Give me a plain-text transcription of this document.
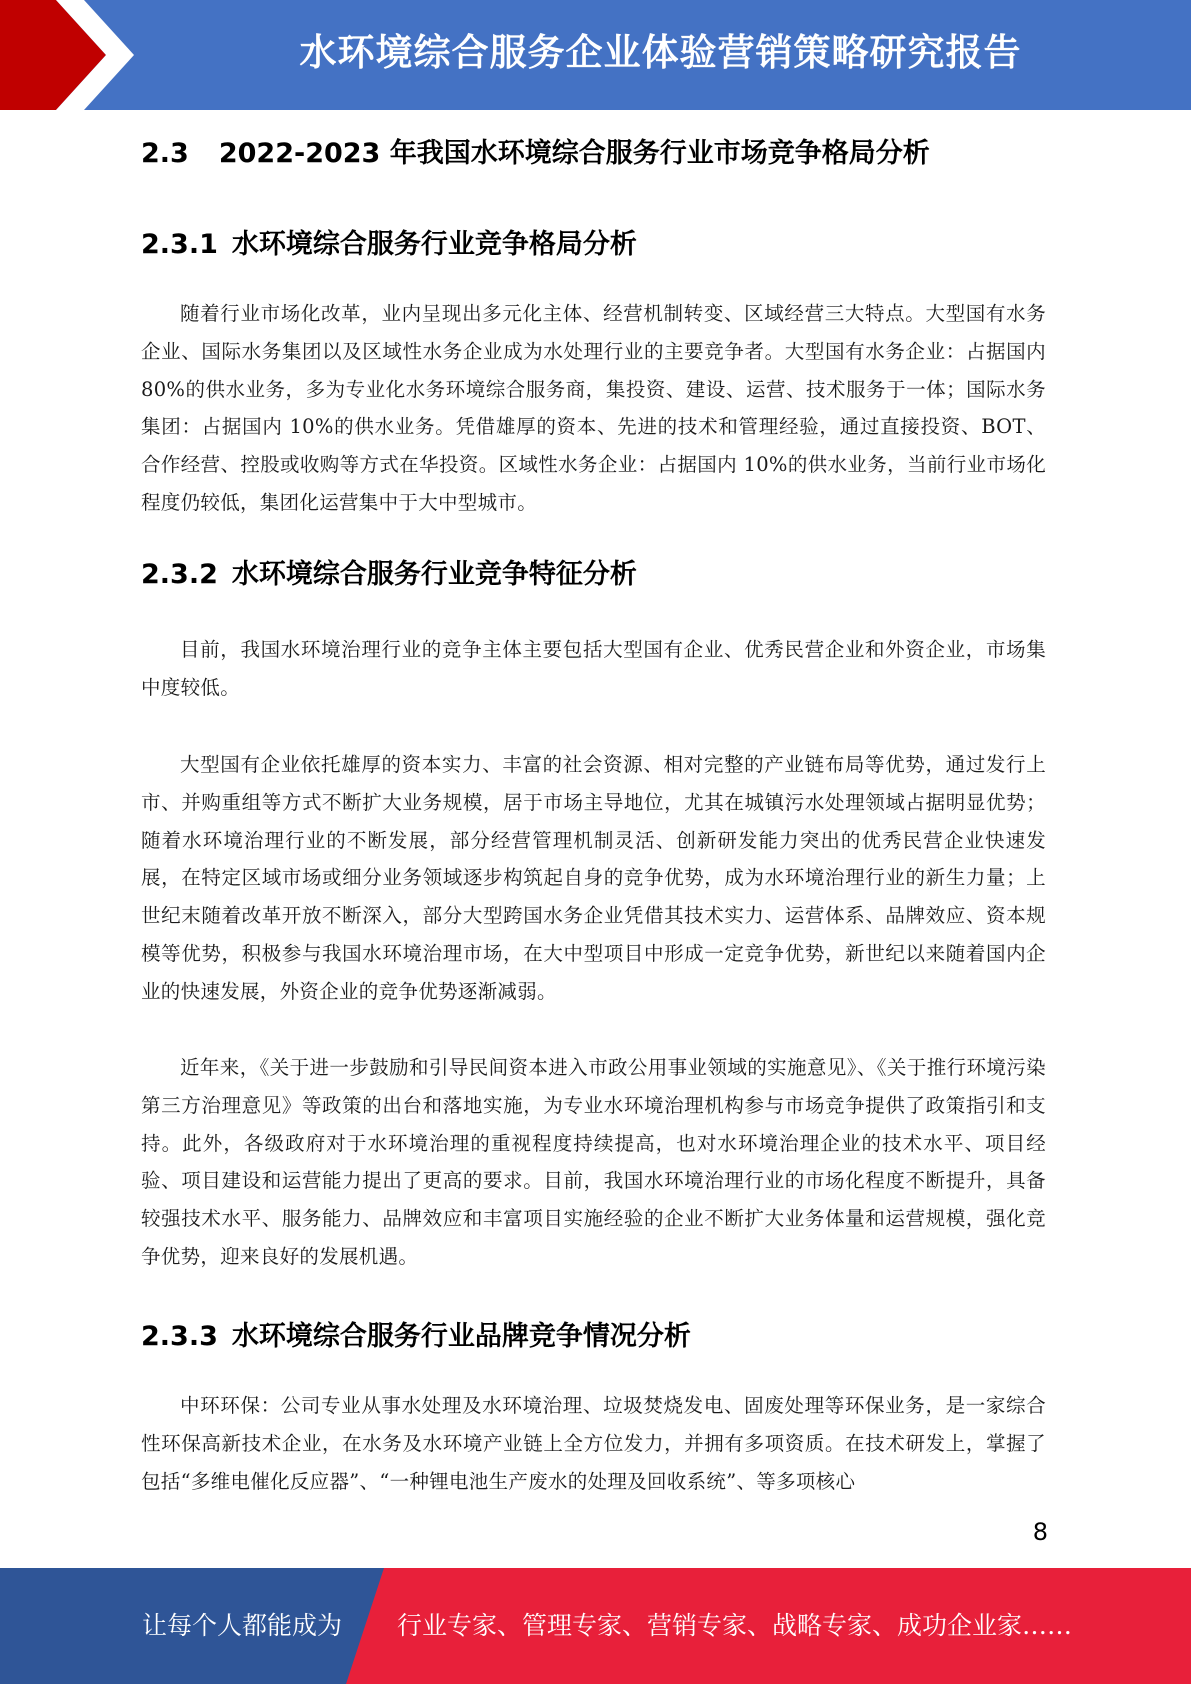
水环境综合服务企业体验营销策略研究报告
2.3 2022-2023 年我国水环境综合服务行业市场竞争格局分析
2.3.1 水环境综合服务行业竞争格局分析

随着行业市场化改革，业内呈现出多元化主体、经营机制转变、区域经营三大特点。大型国有水务企业、国际水务集团以及区域性水务企业成为水处理行业的主要竞争者。大型国有水务企业：占据国内 80%的供水业务，多为专业化水务环境综合服务商，集投资、建设、运营、技术服务于一体；国际水务集团：占据国内 10%的供水业务。凭借雄厚的资本、先进的技术和管理经验，通过直接投资、BOT、合作经营、控股或收购等方式在华投资。区域性水务企业：占据国内 10%的供水业务，当前行业市场化程度仍较低，集团化运营集中于大中型城市。

2.3.2 水环境综合服务行业竞争特征分析

目前，我国水环境治理行业的竞争主体主要包括大型国有企业、优秀民营企业和外资企业，市场集中度较低。

大型国有企业依托雄厚的资本实力、丰富的社会资源、相对完整的产业链布局等优势，通过发行上市、并购重组等方式不断扩大业务规模，居于市场主导地位，尤其在城镇污水处理领域占据明显优势；随着水环境治理行业的不断发展，部分经营管理机制灵活、创新研发能力突出的优秀民营企业快速发展，在特定区域市场或细分业务领域逐步构筑起自身的竞争优势，成为水环境治理行业的新生力量；上世纪末随着改革开放不断深入，部分大型跨国水务企业凭借其技术实力、运营体系、品牌效应、资本规模等优势，积极参与我国水环境治理市场，在大中型项目中形成一定竞争优势，新世纪以来随着国内企业的快速发展，外资企业的竞争优势逐渐减弱。

近年来，《关于进一步鼓励和引导民间资本进入市政公用事业领域的实施意见》、《关于推行环境污染第三方治理意见》等政策的出台和落地实施，为专业水环境治理机构参与市场竞争提供了政策指引和支持。此外，各级政府对于水环境治理的重视程度持续提高，也对水环境治理企业的技术水平、项目经验、项目建设和运营能力提出了更高的要求。目前，我国水环境治理行业的市场化程度不断提升，具备较强技术水平、服务能力、品牌效应和丰富项目实施经验的企业不断扩大业务体量和运营规模，强化竞争优势，迎来良好的发展机遇。

2.3.3 水环境综合服务行业品牌竞争情况分析

中环环保：公司专业从事水处理及水环境治理、垃圾焚烧发电、固废处理等环保业务，是一家综合性环保高新技术企业，在水务及水环境产业链上全方位发力，并拥有多项资质。在技术研发上，掌握了包括“多维电催化反应器”、“一种锂电池生产废水的处理及回收系统”、等多项核心

8
让每个人都能成为 行业专家、管理专家、营销专家、战略专家、成功企业家……
